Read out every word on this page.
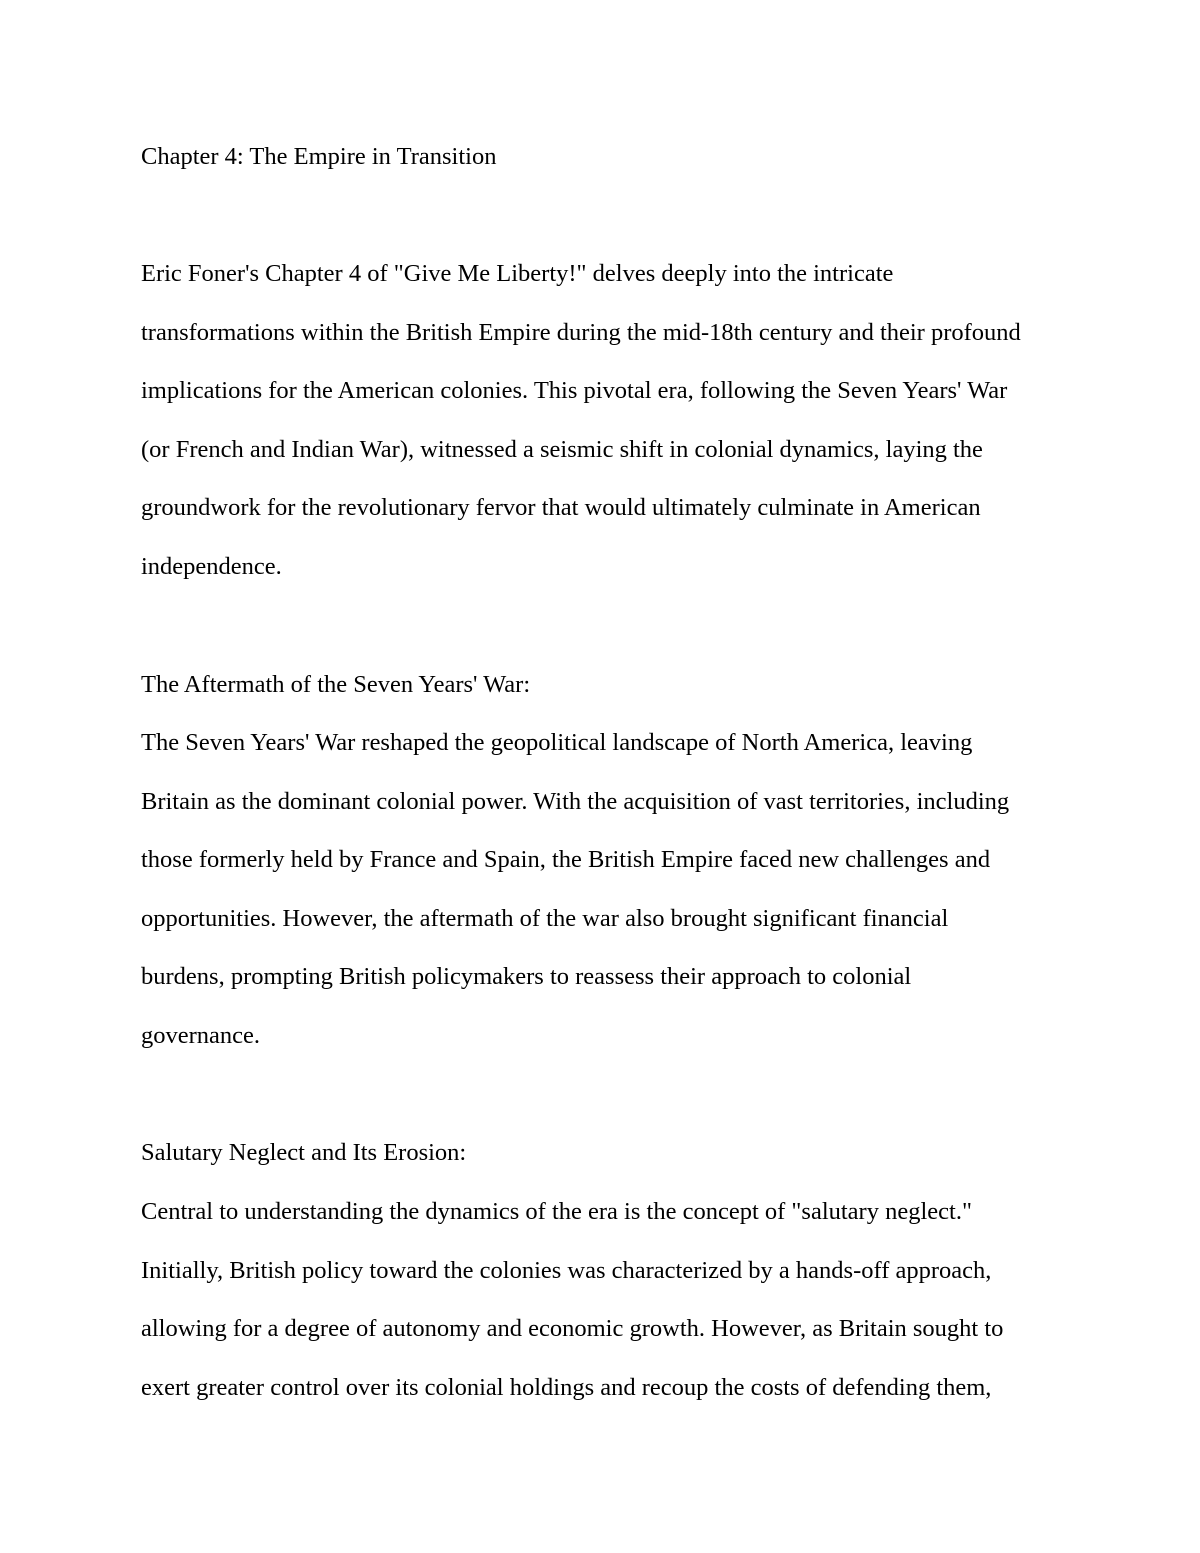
Chapter 4: The Empire in Transition
Eric Foner's Chapter 4 of "Give Me Liberty!" delves deeply into the intricate
transformations within the British Empire during the mid-18th century and their profound
implications for the American colonies. This pivotal era, following the Seven Years' War
(or French and Indian War), witnessed a seismic shift in colonial dynamics, laying the
groundwork for the revolutionary fervor that would ultimately culminate in American
independence.
The Aftermath of the Seven Years' War:
The Seven Years' War reshaped the geopolitical landscape of North America, leaving
Britain as the dominant colonial power. With the acquisition of vast territories, including
those formerly held by France and Spain, the British Empire faced new challenges and
opportunities. However, the aftermath of the war also brought significant financial
burdens, prompting British policymakers to reassess their approach to colonial
governance.
Salutary Neglect and Its Erosion:
Central to understanding the dynamics of the era is the concept of "salutary neglect."
Initially, British policy toward the colonies was characterized by a hands-off approach,
allowing for a degree of autonomy and economic growth. However, as Britain sought to
exert greater control over its colonial holdings and recoup the costs of defending them,
